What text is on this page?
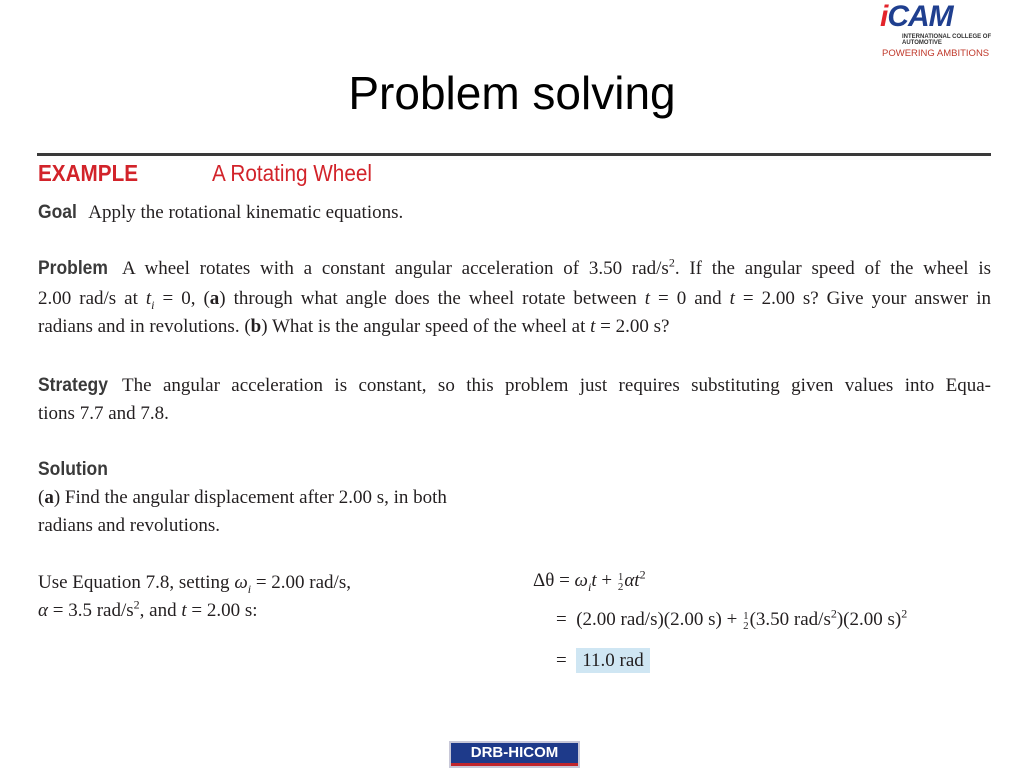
iCAM
INTERNATIONAL COLLEGE OF AUTOMOTIVE
POWERING AMBITIONS
Problem solving
EXAMPLE	A Rotating Wheel
Goal Apply the rotational kinematic equations.
Problem A wheel rotates with a constant angular acceleration of 3.50 rad/$s^2$. If the angular speed of the wheel is
2.00 rad/s at $t_i = 0$, (a) through what angle does the wheel rotate between t = 0 and t = 2.00 s? Give your answer in
radians and in revolutions. (b) What is the angular speed of the wheel at t = 2.00 s?
Strategy The angular acceleration is constant, so this problem just requires substituting given values into Equa-
tions 7.7 and 7.8.
Solution
(a) Find the angular displacement after 2.00 s, in both
radians and revolutions.
Use Equation 7.8, setting $\omega_i = 2.00$ rad/s,
α = 3.5 rad/$s^2$, and t = 2.00 s:
$\Delta\theta = \omega_it + 1$
2 $\alpha t^2$
= (2.00 rad/s)(2.00 s) + 1
2 (3.50 rad/$s^2)(2.00$ s)$^2$
= 11.0 rad
DRB-HICOM
